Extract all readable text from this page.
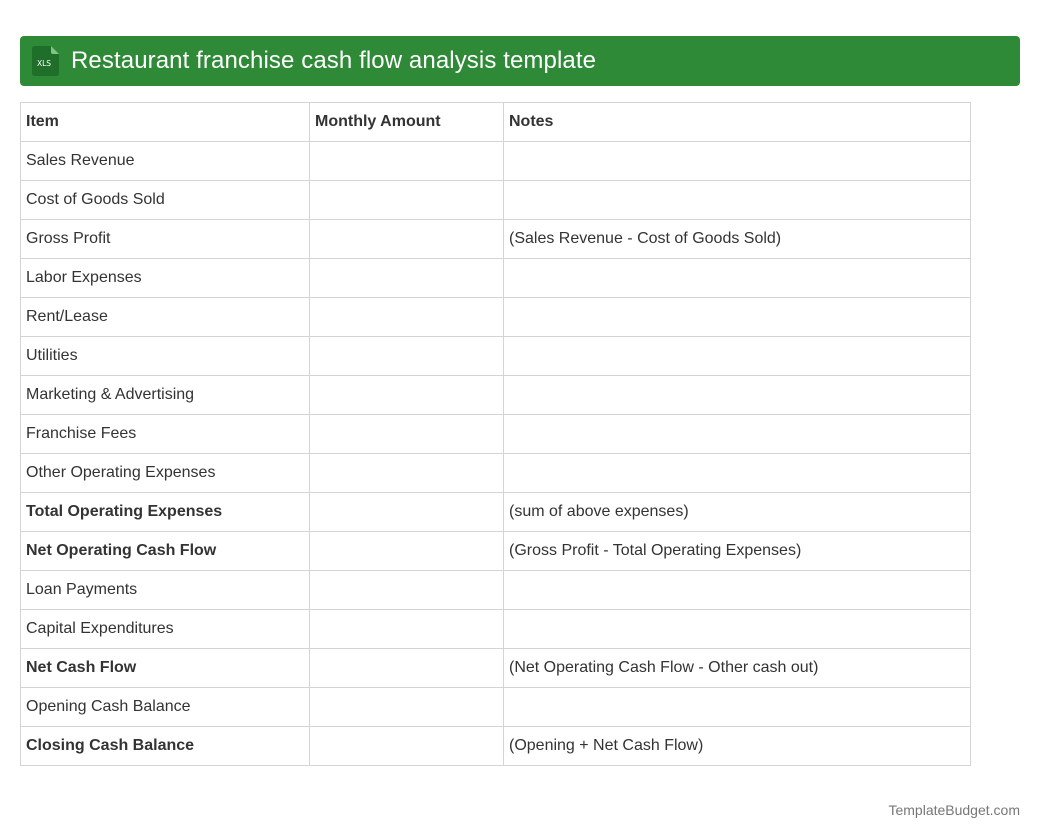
XLS Restaurant franchise cash flow analysis template
Item	Monthly Amount	Notes
Sales Revenue		
Cost of Goods Sold		
Gross Profit		(Sales Revenue - Cost of Goods Sold)
Labor Expenses		
Rent/Lease		
Utilities		
Marketing & Advertising		
Franchise Fees		
Other Operating Expenses		
Total Operating Expenses		(sum of above expenses)
Net Operating Cash Flow		(Gross Profit - Total Operating Expenses)
Loan Payments		
Capital Expenditures		
Net Cash Flow		(Net Operating Cash Flow - Other cash out)
Opening Cash Balance		
Closing Cash Balance		(Opening + Net Cash Flow)
TemplateBudget.com
